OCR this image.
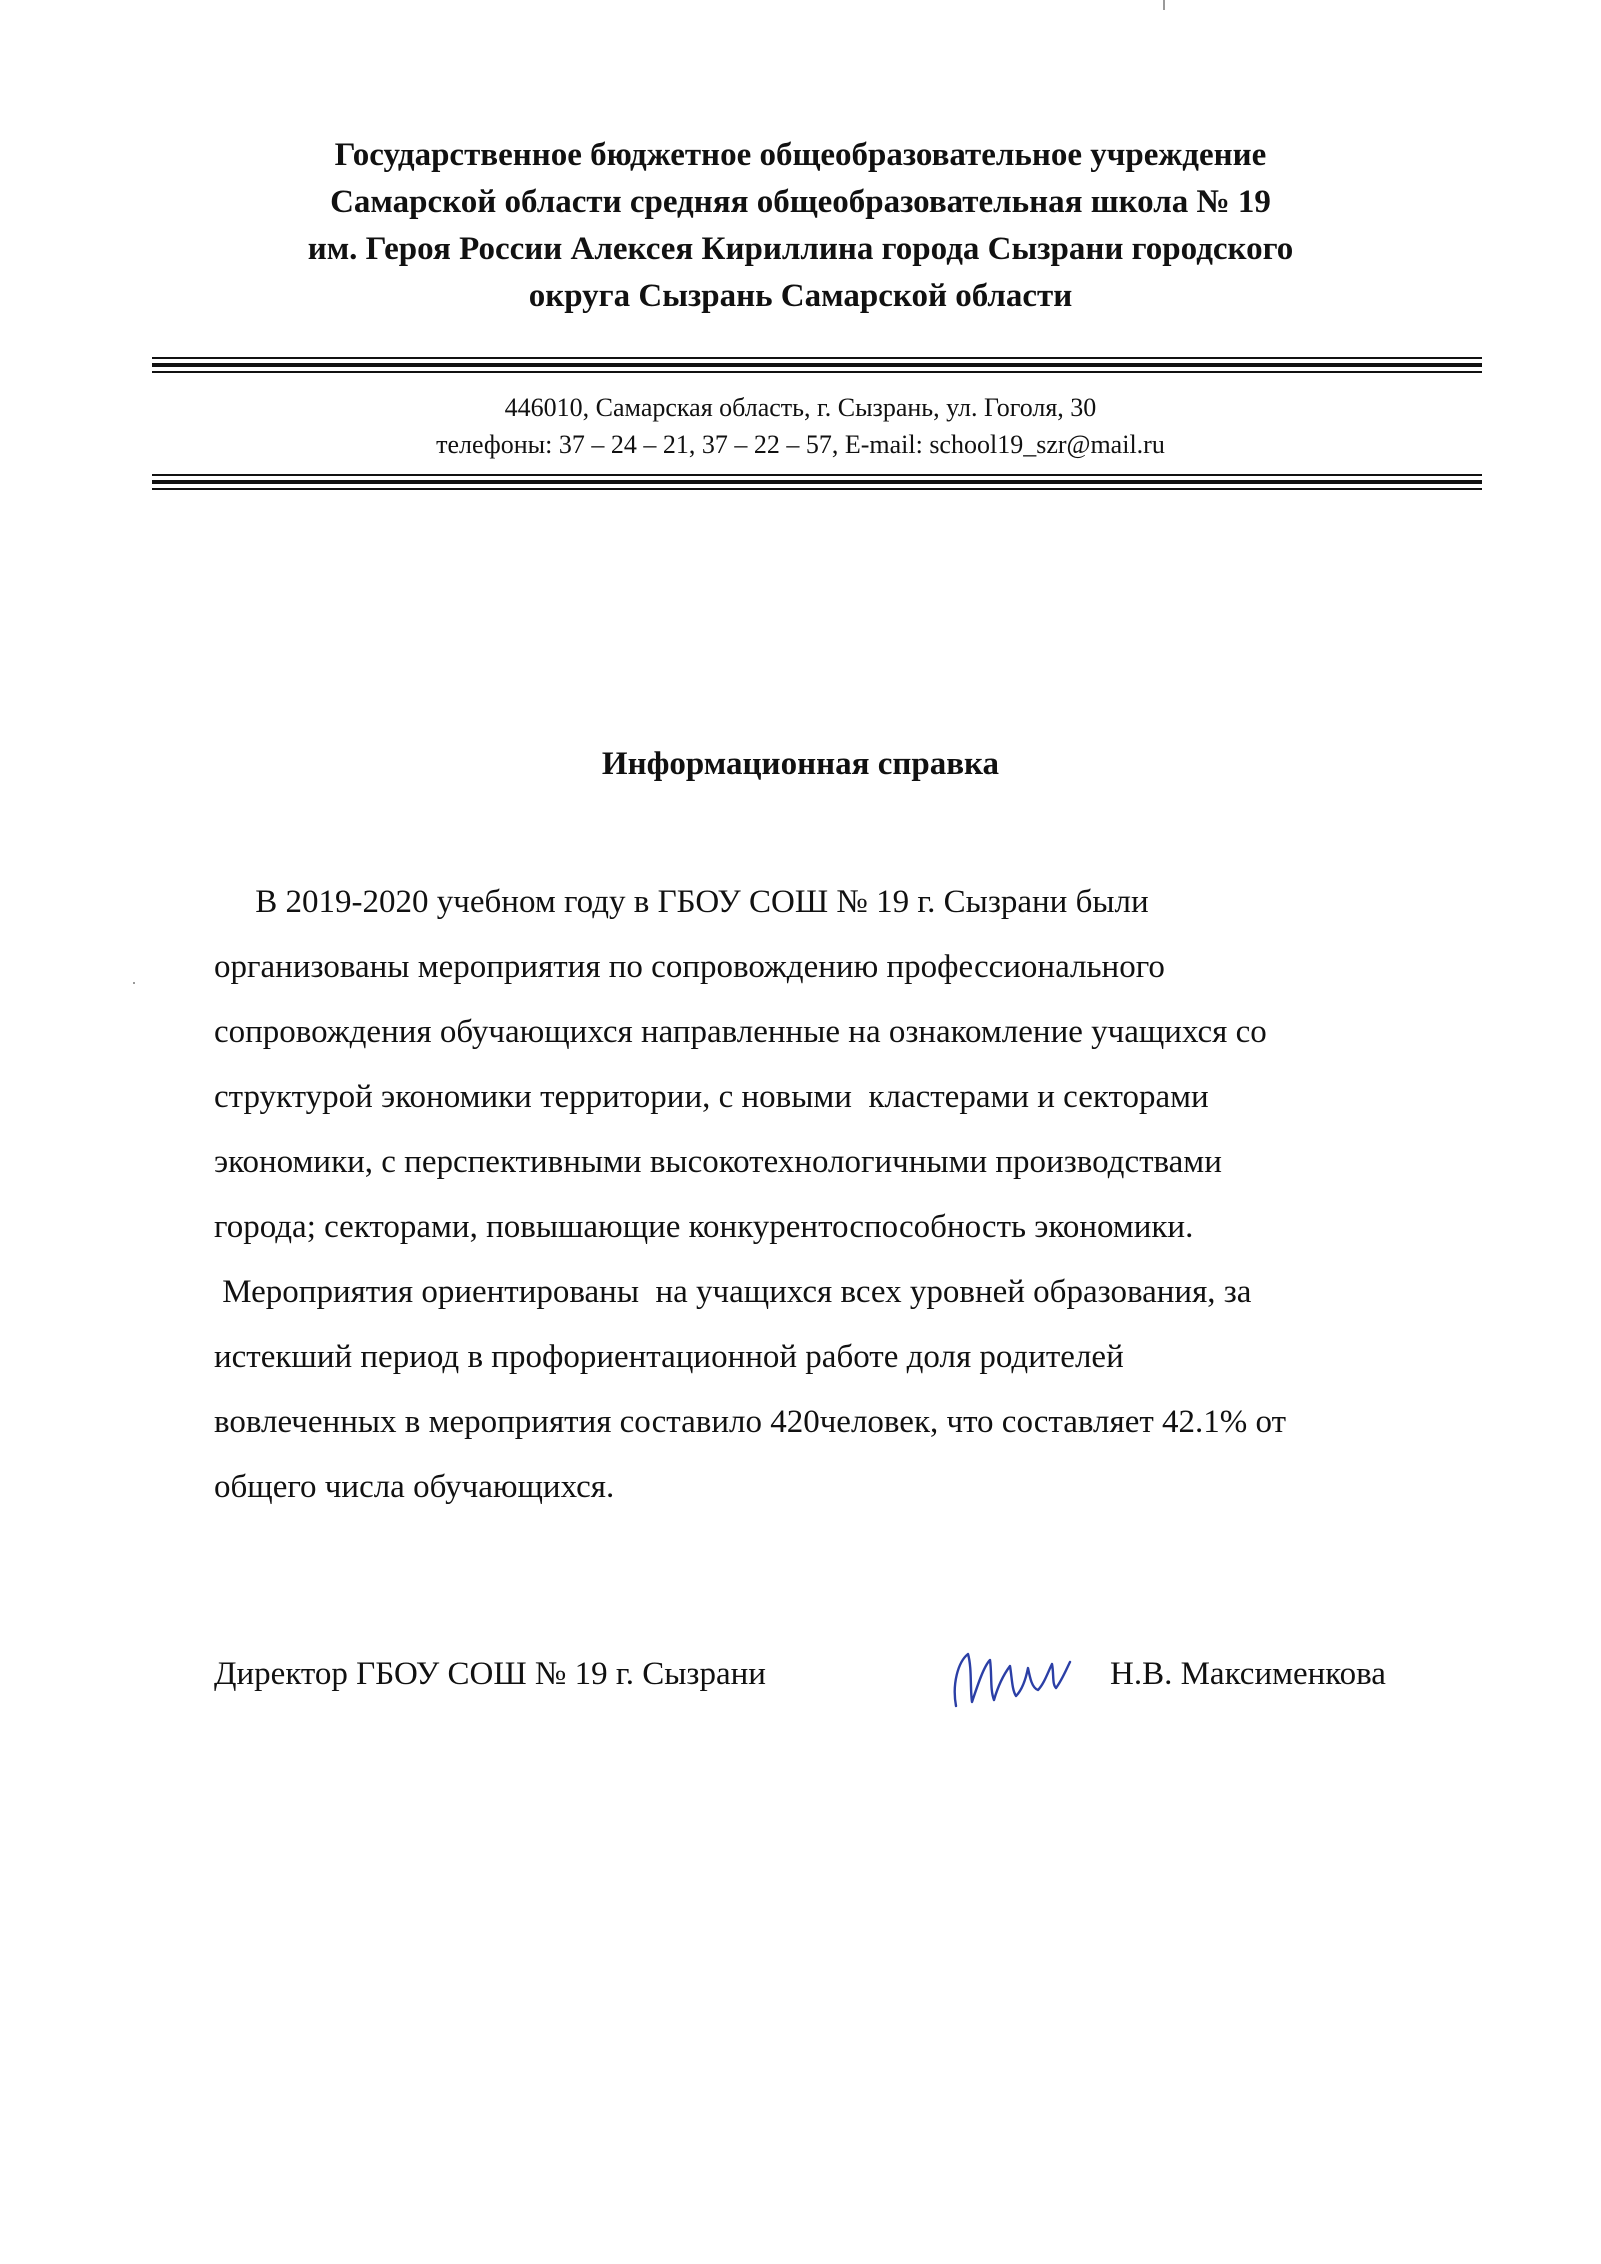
Государственное бюджетное общеобразовательное учреждение
Самарской области средняя общеобразовательная школа № 19
им. Героя России Алексея Кириллина города Сызрани городского
округа Сызрань Самарской области
446010, Самарская область, г. Сызрань, ул. Гоголя, 30
телефоны: 37 – 24 – 21, 37 – 22 – 57, E-mail: school19_szr@mail.ru
Информационная справка
В 2019-2020 учебном году в ГБОУ СОШ № 19 г. Сызрани были
организованы мероприятия по сопровождению профессионального
сопровождения обучающихся направленные на ознакомление учащихся со
структурой экономики территории, с новыми  кластерами и секторами
экономики, с перспективными высокотехнологичными производствами
города; секторами, повышающие конкурентоспособность экономики.
Мероприятия ориентированы  на учащихся всех уровней образования, за
истекший период в профориентационной работе доля родителей
вовлеченных в мероприятия составило 420человек, что составляет 42.1% от
общего числа обучающихся.
Директор ГБОУ СОШ № 19 г. Сызрани	Н.В. Максименкова
